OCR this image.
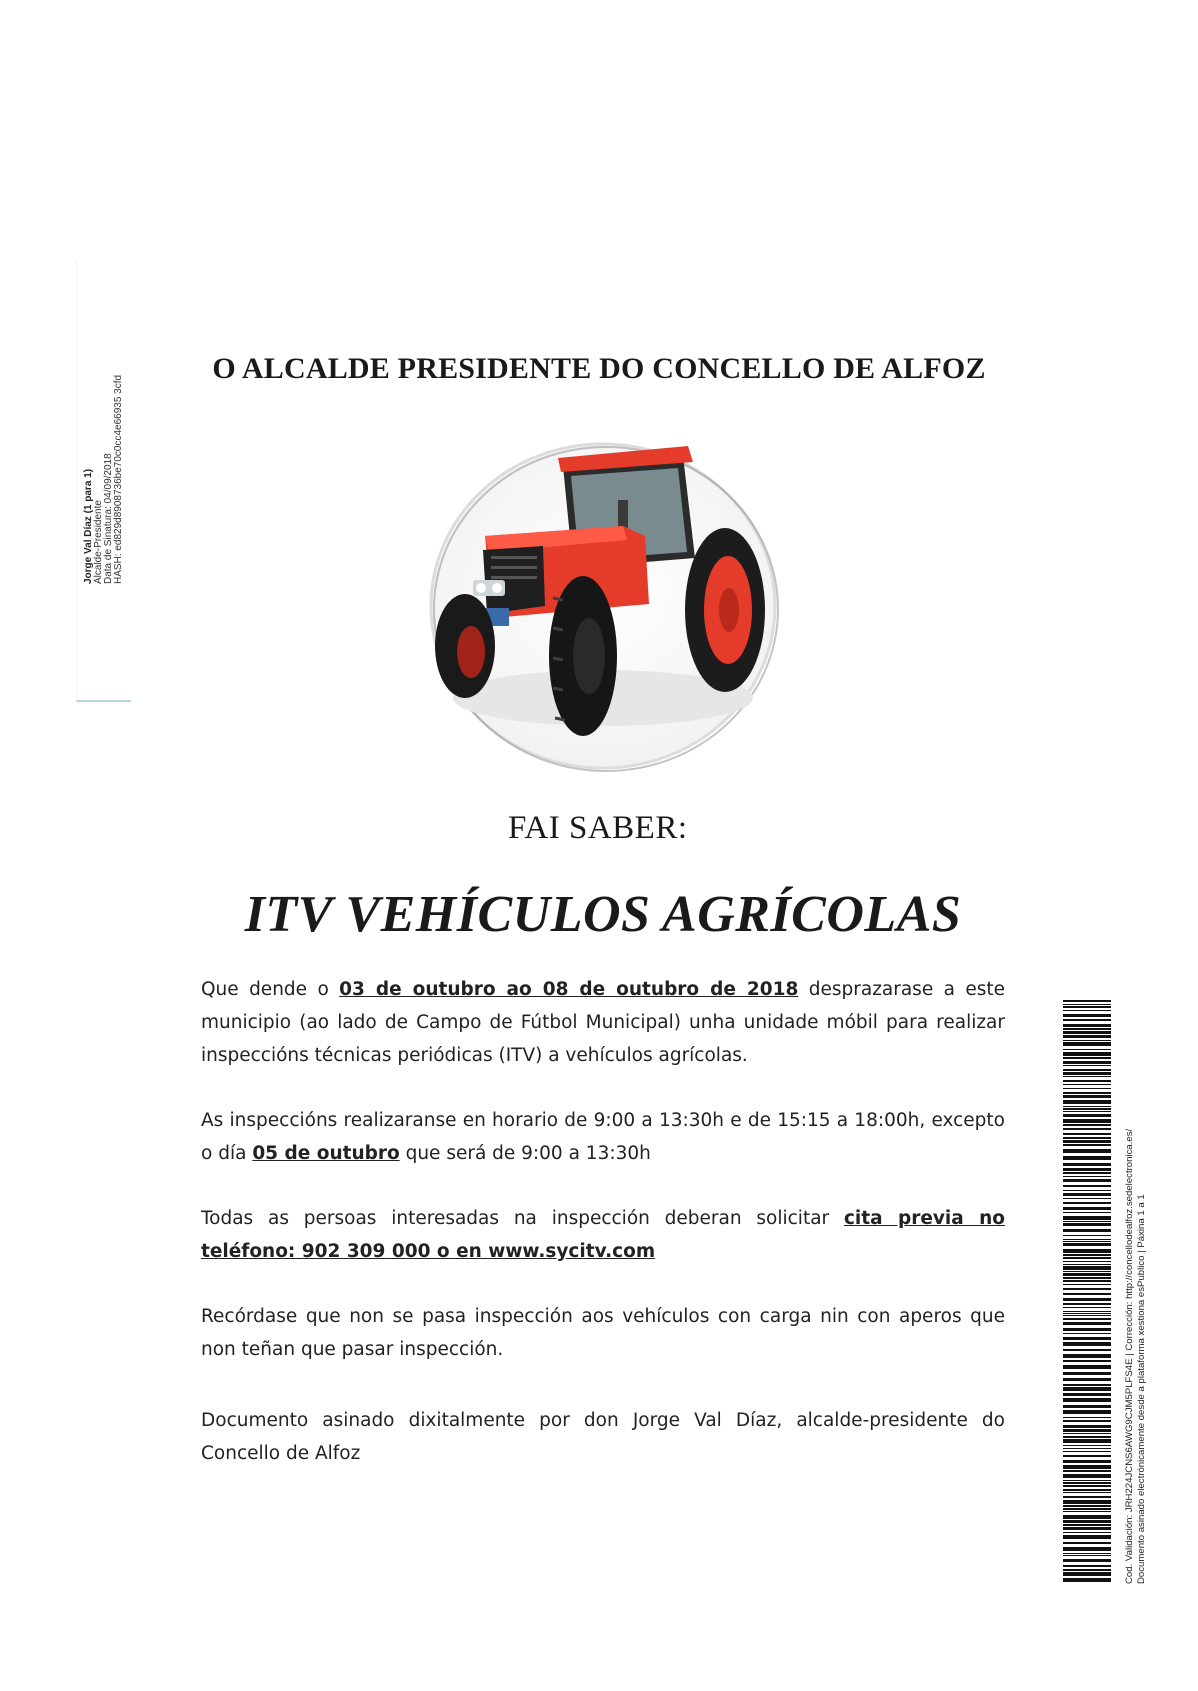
Jorge Val Díaz (1 para 1) Alcalde-Presidente Data de Sinatura: 04/09/2018 HASH: ed829d8908736be70c0cc4e66935 3cfd
O ALCALDE PRESIDENTE DO CONCELLO DE ALFOZ
FAI SABER:
ITV VEHÍCULOS AGRÍCOLAS

Que dende o 03 de outubro ao 08 de outubro de 2018 desprazarase a este municipio (ao lado de Campo de Fútbol Municipal) unha unidade móbil para realizar inspeccións técnicas periódicas (ITV) a vehículos agrícolas.

As inspeccións realizaranse en horario de 9:00 a 13:30h e de 15:15 a 18:00h, excepto o día 05 de outubro que será de 9:00 a 13:30h

Todas as persoas interesadas na inspección deberan solicitar cita previa no teléfono: 902 309 000 o en www.sycitv.com

Recórdase que non se pasa inspección aos vehículos con carga nin con aperos que non teñan que pasar inspección.

Documento asinado dixitalmente por don Jorge Val Díaz, alcalde-presidente do Concello de Alfoz	Cod. Validación: JRH224JCNS6AWG9CJM5PLFS4E | Corrección: http://concellodealfoz.sedelectronica.es/ Documento asinado electrónicamente desde a plataforma xestiona esPublico | Páxina 1 a 1
